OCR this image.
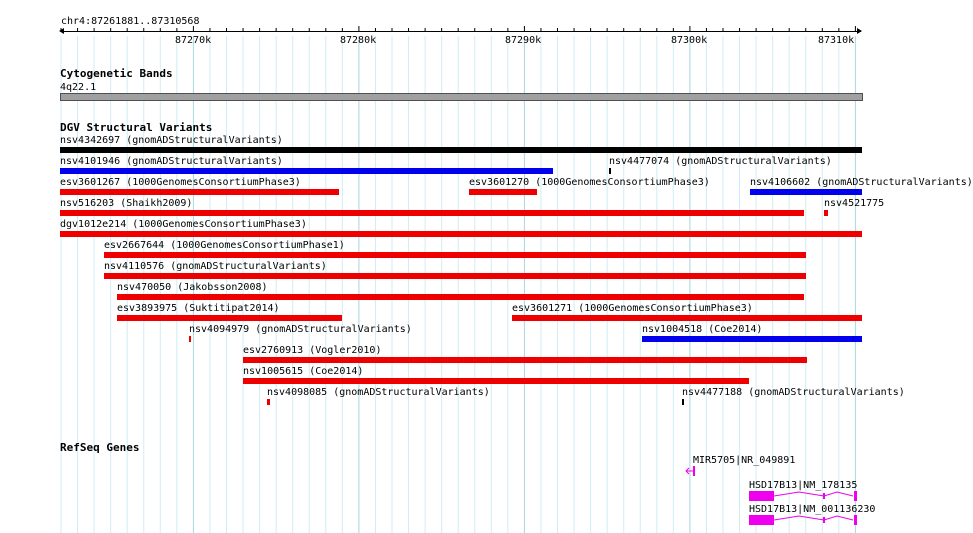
chr4:87261881..87310568
87270k	87280k	87290k	87300k	87310k
Cytogenetic Bands
4q22.1
DGV Structural Variants
nsv4342697 (gnomADStructuralVariants)
nsv4101946 (gnomADStructuralVariants)	nsv4477074 (gnomADStructuralVariants)
esv3601267 (1000GenomesConsortiumPhase3)	esv3601270 (1000GenomesConsortiumPhase3)	nsv4106602 (gnomADStructuralVariants)
nsv516203 (Shaikh2009)	nsv4521775
dgv1012e214 (1000GenomesConsortiumPhase3)
esv2667644 (1000GenomesConsortiumPhase1)
nsv4110576 (gnomADStructuralVariants)
nsv470050 (Jakobsson2008)
esv3893975 (Suktitipat2014)	esv3601271 (1000GenomesConsortiumPhase3)
nsv4094979 (gnomADStructuralVariants)	nsv1004518 (Coe2014)
esv2760913 (Vogler2010)
nsv1005615 (Coe2014)
nsv4098085 (gnomADStructuralVariants)	nsv4477188 (gnomADStructuralVariants)
RefSeq Genes
MIR5705|NR_049891
HSD17B13|NM_178135
HSD17B13|NM_001136230
